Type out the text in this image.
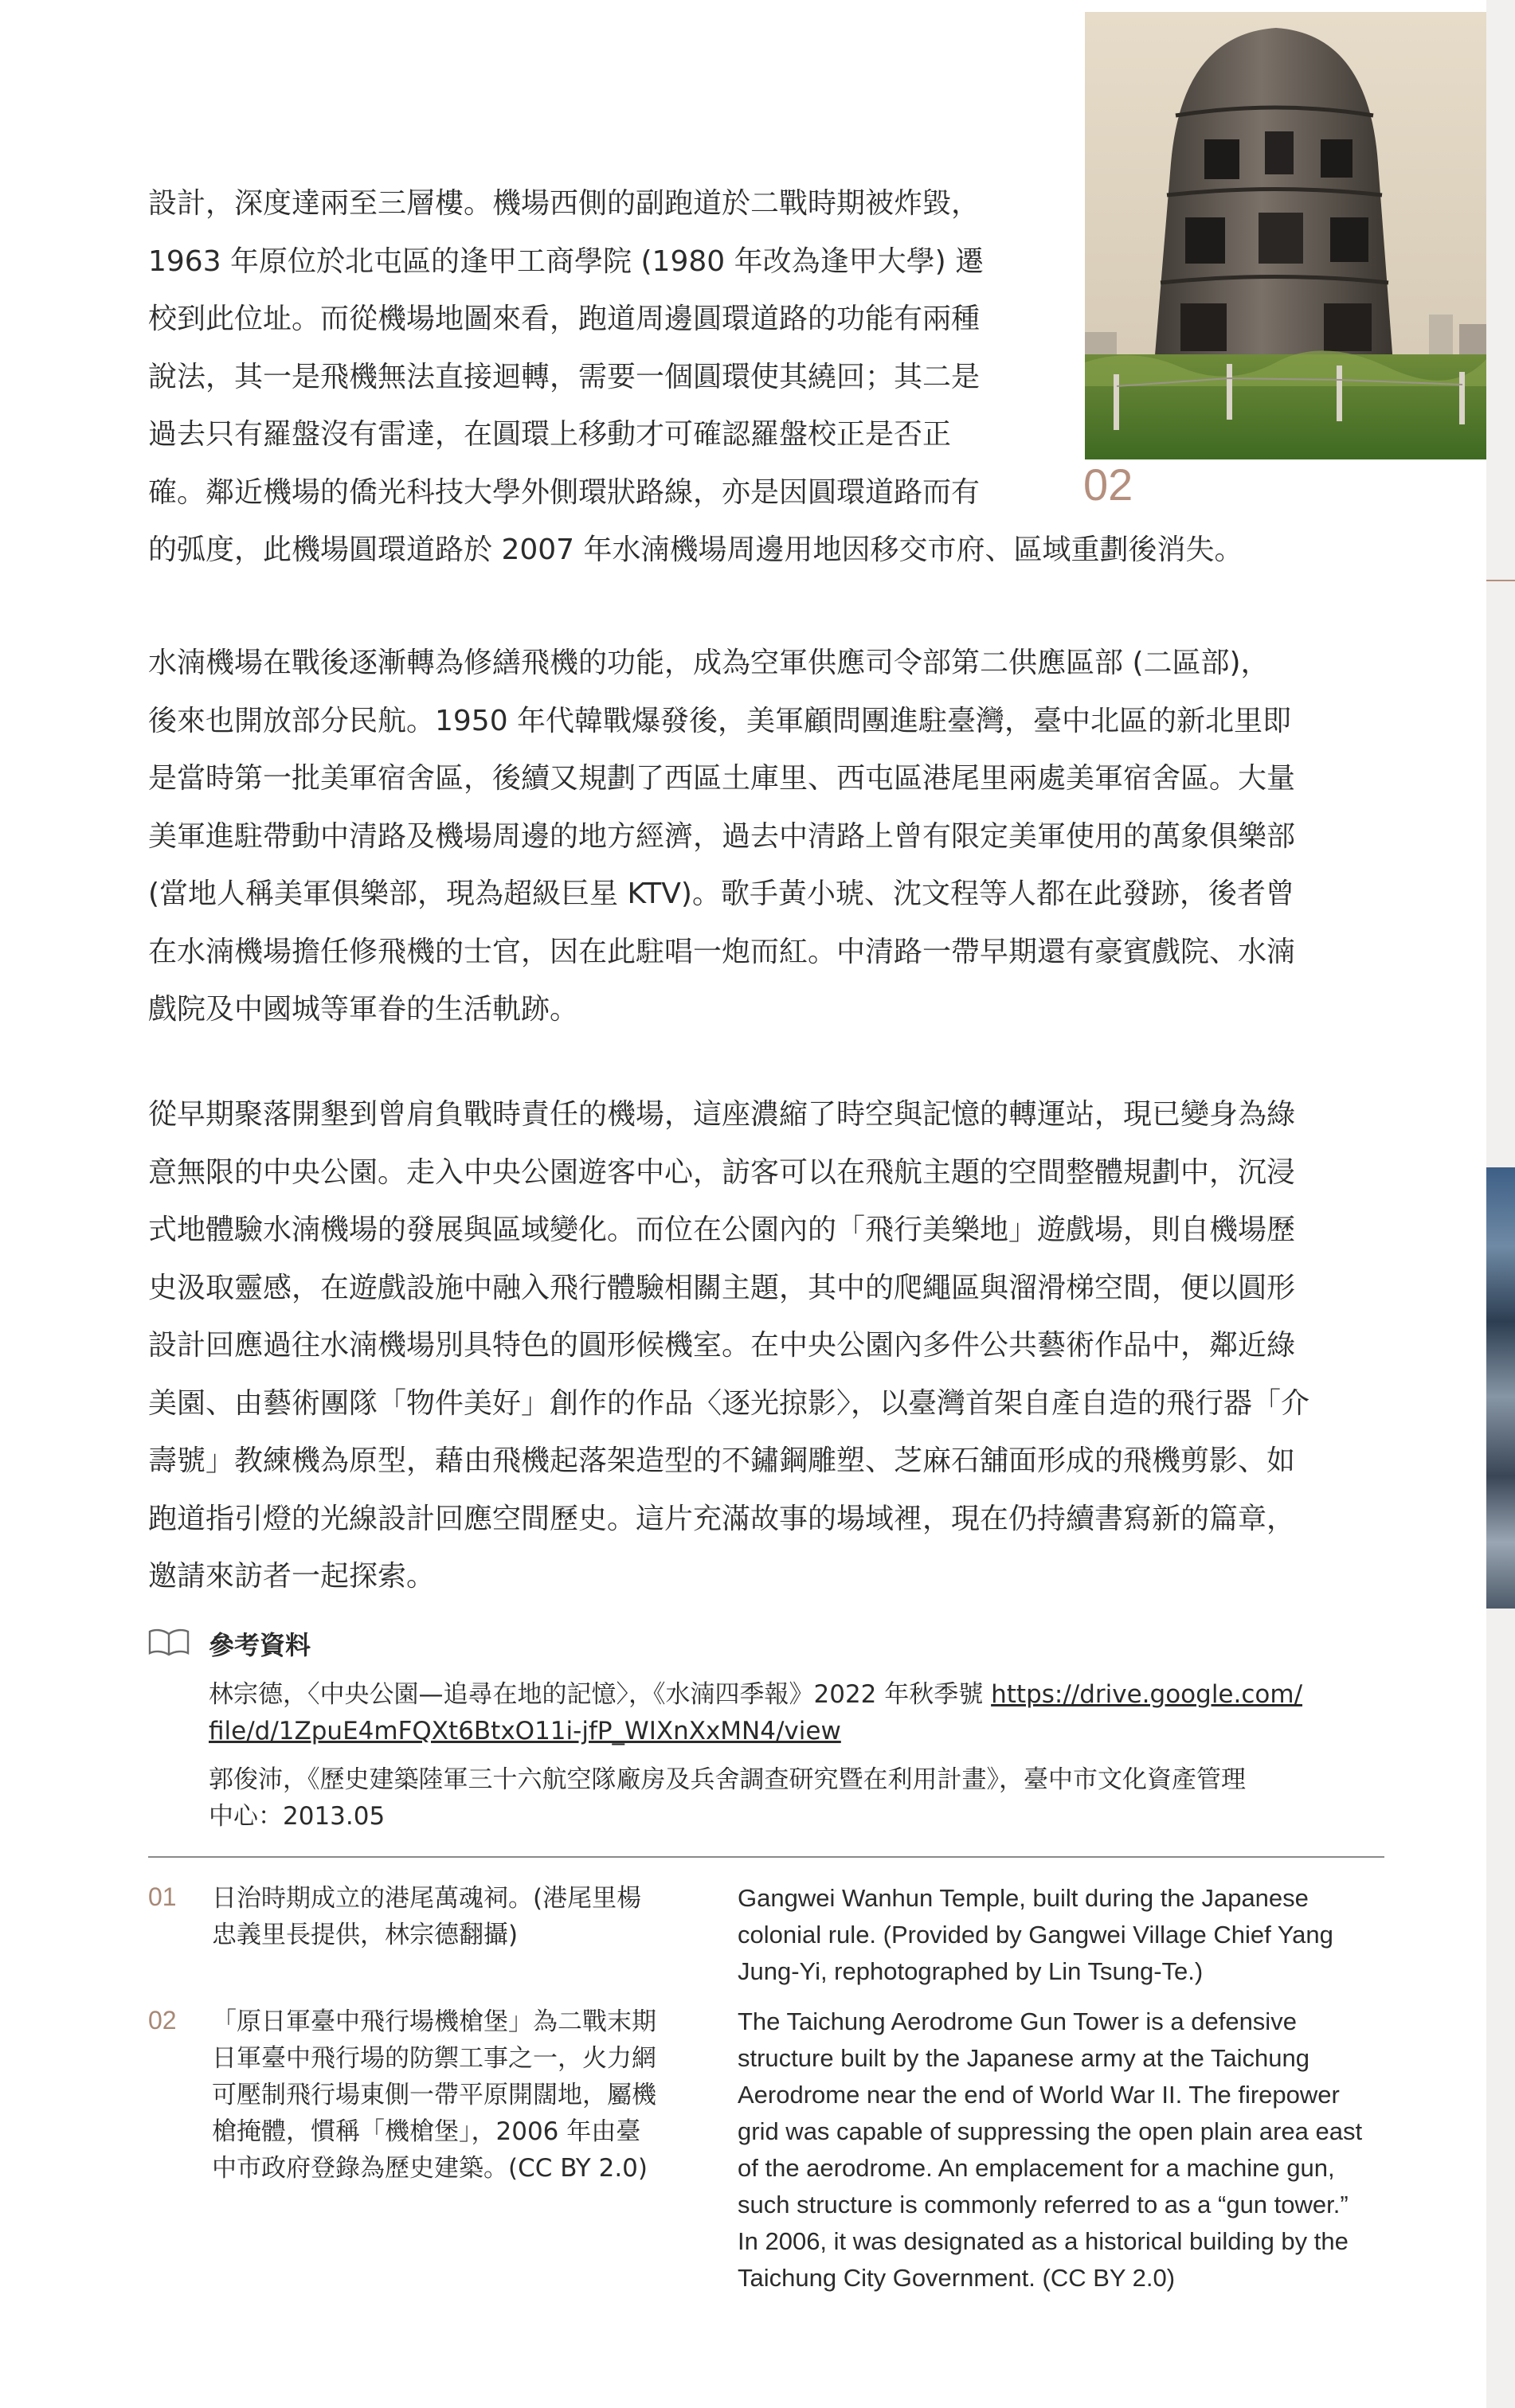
02
設計，深度達兩至三層樓。機場西側的副跑道於二戰時期被炸毀，
1963 年原位於北屯區的逢甲工商學院 (1980 年改為逢甲大學) 遷
校到此位址。而從機場地圖來看，跑道周邊圓環道路的功能有兩種
說法，其一是飛機無法直接迴轉，需要一個圓環使其繞回；其二是
過去只有羅盤沒有雷達，在圓環上移動才可確認羅盤校正是否正
確。鄰近機場的僑光科技大學外側環狀路線，亦是因圓環道路而有
的弧度，此機場圓環道路於 2007 年水湳機場周邊用地因移交市府、區域重劃後消失。
水湳機場在戰後逐漸轉為修繕飛機的功能，成為空軍供應司令部第二供應區部 (二區部)，
後來也開放部分民航。1950 年代韓戰爆發後，美軍顧問團進駐臺灣，臺中北區的新北里即
是當時第一批美軍宿舍區，後續又規劃了西區土庫里、西屯區港尾里兩處美軍宿舍區。大量
美軍進駐帶動中清路及機場周邊的地方經濟，過去中清路上曾有限定美軍使用的萬象俱樂部
(當地人稱美軍俱樂部，現為超級巨星 KTV)。歌手黃小琥、沈文程等人都在此發跡，後者曾
在水湳機場擔任修飛機的士官，因在此駐唱一炮而紅。中清路一帶早期還有豪賓戲院、水湳
戲院及中國城等軍眷的生活軌跡。
從早期聚落開墾到曾肩負戰時責任的機場，這座濃縮了時空與記憶的轉運站，現已變身為綠
意無限的中央公園。走入中央公園遊客中心，訪客可以在飛航主題的空間整體規劃中，沉浸
式地體驗水湳機場的發展與區域變化。而位在公園內的「飛行美樂地」遊戲場，則自機場歷
史汲取靈感，在遊戲設施中融入飛行體驗相關主題，其中的爬繩區與溜滑梯空間，便以圓形
設計回應過往水湳機場別具特色的圓形候機室。在中央公園內多件公共藝術作品中，鄰近綠
美園、由藝術團隊「物件美好」創作的作品〈逐光掠影〉，以臺灣首架自產自造的飛行器「介
壽號」教練機為原型，藉由飛機起落架造型的不鏽鋼雕塑、芝麻石舖面形成的飛機剪影、如
跑道指引燈的光線設計回應空間歷史。這片充滿故事的場域裡，現在仍持續書寫新的篇章，
邀請來訪者一起探索。
參考資料
林宗德，〈中央公園—追尋在地的記憶〉，《水湳四季報》2022 年秋季號 https://drive.google.com/
file/d/1ZpuE4mFQXt6BtxO11i-jfP_WIXnXxMN4/view
郭俊沛，《歷史建築陸軍三十六航空隊廠房及兵舍調查研究暨在利用計畫》，臺中市文化資產管理
中心：2013.05
01 日治時期成立的港尾萬魂祠。(港尾里楊
忠義里長提供，林宗德翻攝)
Gangwei Wanhun Temple, built during the Japanese
colonial rule. (Provided by Gangwei Village Chief Yang
Jung-Yi, rephotographed by Lin Tsung-Te.)
02 「原日軍臺中飛行場機槍堡」為二戰末期
日軍臺中飛行場的防禦工事之一，火力網
可壓制飛行場東側一帶平原開闊地，屬機
槍掩體，慣稱「機槍堡」，2006 年由臺
中市政府登錄為歷史建築。(CC BY 2.0)
The Taichung Aerodrome Gun Tower is a defensive
structure built by the Japanese army at the Taichung
Aerodrome near the end of World War II. The firepower
grid was capable of suppressing the open plain area east
of the aerodrome. An emplacement for a machine gun,
such structure is commonly referred to as a “gun tower.”
In 2006, it was designated as a historical building by the
Taichung City Government. (CC BY 2.0)
